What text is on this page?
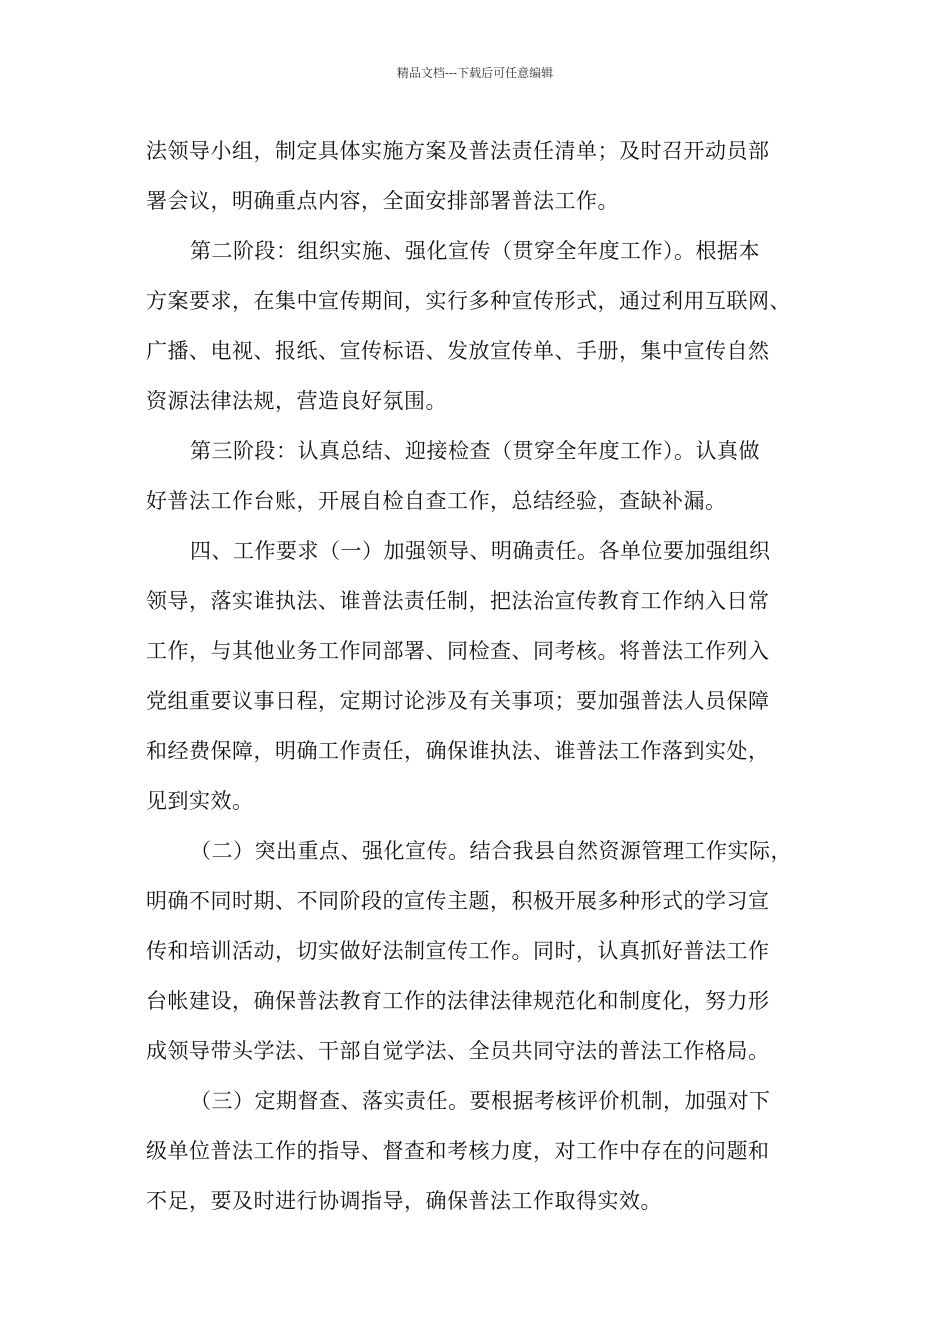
精品文档---下载后可任意编辑
法领导小组，制定具体实施方案及普法责任清单；及时召开动员部
署会议，明确重点内容，全面安排部署普法工作。
第二阶段：组织实施、强化宣传（贯穿全年度工作）。根据本
方案要求，在集中宣传期间，实行多种宣传形式，通过利用互联网、
广播、电视、报纸、宣传标语、发放宣传单、手册，集中宣传自然
资源法律法规，营造良好氛围。
第三阶段：认真总结、迎接检查（贯穿全年度工作）。认真做
好普法工作台账，开展自检自查工作，总结经验，查缺补漏。
四、工作要求（一）加强领导、明确责任。各单位要加强组织
领导，落实谁执法、谁普法责任制，把法治宣传教育工作纳入日常
工作，与其他业务工作同部署、同检查、同考核。将普法工作列入
党组重要议事日程，定期讨论涉及有关事项；要加强普法人员保障
和经费保障，明确工作责任，确保谁执法、谁普法工作落到实处，
见到实效。
（二）突出重点、强化宣传。结合我县自然资源管理工作实际，
明确不同时期、不同阶段的宣传主题，积极开展多种形式的学习宣
传和培训活动，切实做好法制宣传工作。同时，认真抓好普法工作
台帐建设，确保普法教育工作的法律法律规范化和制度化，努力形
成领导带头学法、干部自觉学法、全员共同守法的普法工作格局。
（三）定期督查、落实责任。要根据考核评价机制，加强对下
级单位普法工作的指导、督查和考核力度，对工作中存在的问题和
不足，要及时进行协调指导，确保普法工作取得实效。
